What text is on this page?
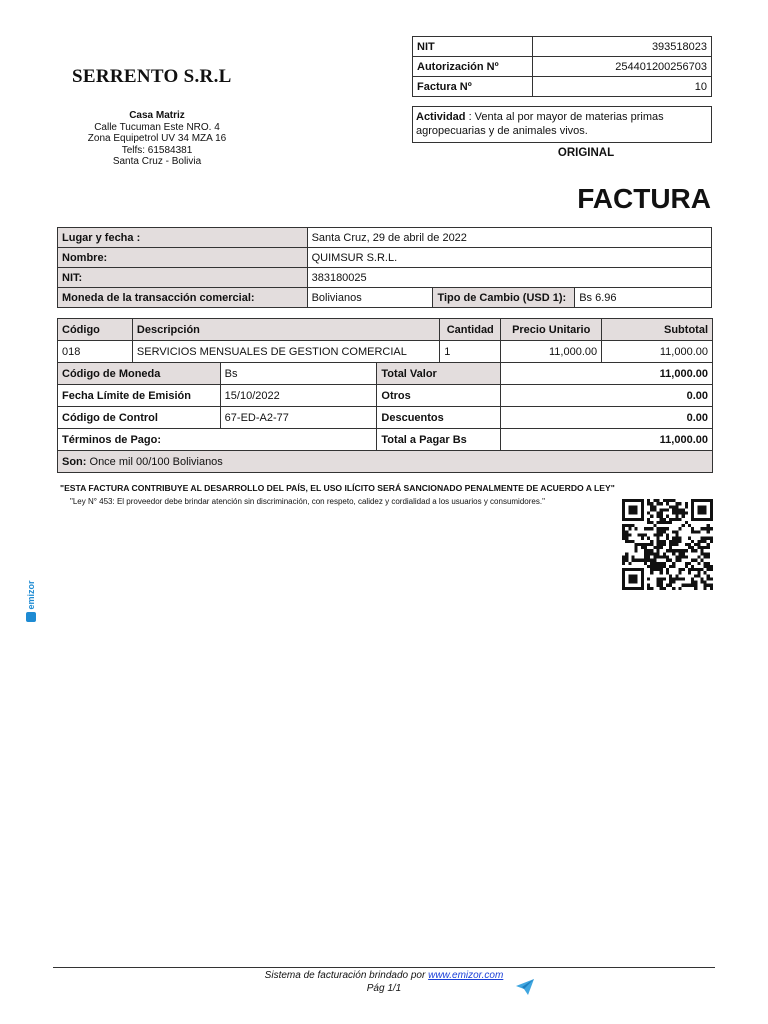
SERRENTO S.R.L
Casa Matriz
Calle Tucuman Este NRO. 4
Zona Equipetrol UV 34 MZA 16
Telfs: 61584381
Santa Cruz - Bolivia
NIT	393518023
Autorización Nº	254401200256703
Factura Nº	10
Actividad : Venta al por mayor de materias primas agropecuarias y de animales vivos.
ORIGINAL
FACTURA
Lugar y fecha :	Santa Cruz, 29 de abril de 2022		
Nombre:	QUIMSUR S.R.L.		
NIT:	383180025		
Moneda de la transacción comercial:	Bolivianos	Tipo de Cambio (USD 1):	Bs 6.96
Código	Descripción			Cantidad	Precio Unitario	Subtotal
018	SERVICIOS MENSUALES DE GESTION COMERCIAL			1	11,000.00	11,000.00
Código de Moneda		Bs	Total Valor		11,000.00	
Fecha Límite de Emisión		15/10/2022	Otros		0.00	
Código de Control		67-ED-A2-77	Descuentos		0.00	
Términos de Pago:			Total a Pagar Bs		11,000.00	
Son: Once mil 00/100 Bolivianos						
"ESTA FACTURA CONTRIBUYE AL DESARROLLO DEL PAÍS, EL USO ILÍCITO SERÁ SANCIONADO PENALMENTE DE ACUERDO A LEY"
"Ley N° 453: El proveedor debe brindar atención sin discriminación, con respeto, calidez y cordialidad a los usuarios y consumidores."
emizor
Sistema de facturación brindado por www.emizor.com
Pág 1/1
